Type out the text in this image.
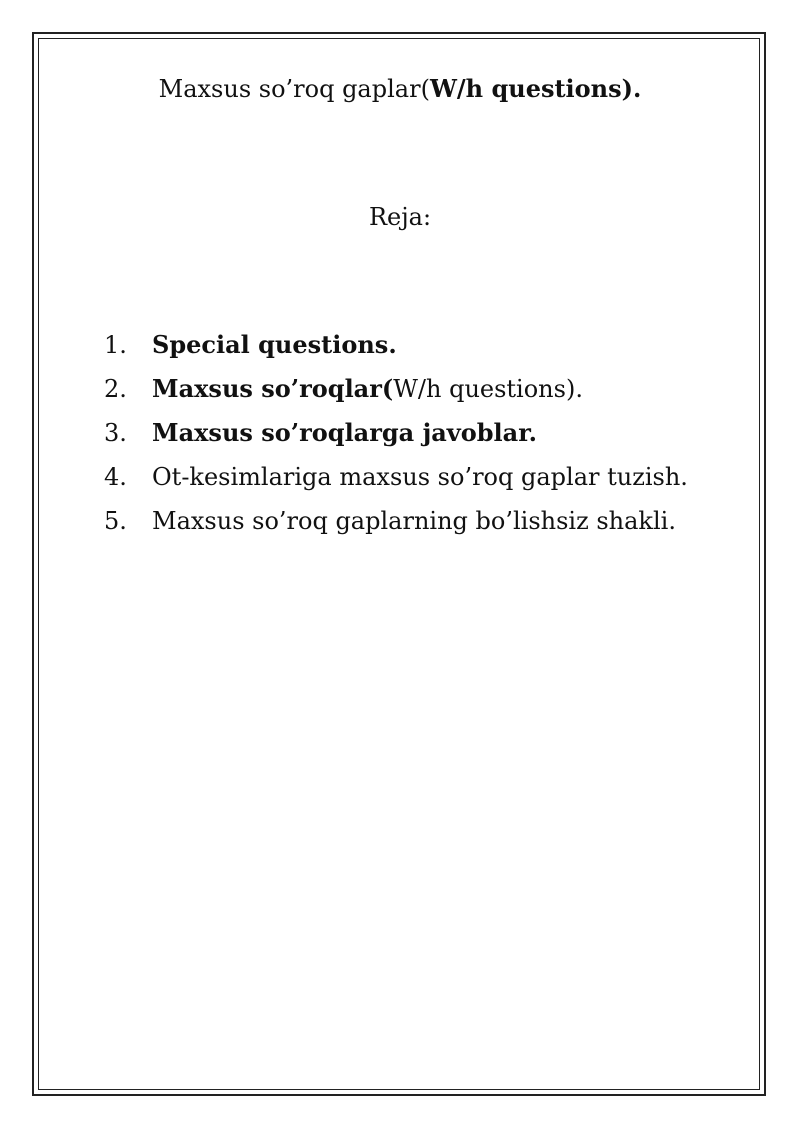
Maxsus so’roq gaplar(W/h questions).
Reja:
1.	Special questions.
2.	Maxsus so’roqlar(W/h questions).
3.	Maxsus so’roqlarga javoblar.
4.	Ot-kesimlariga maxsus so’roq gaplar tuzish.
5.	Maxsus so’roq gaplarning bo’lishsiz shakli.
